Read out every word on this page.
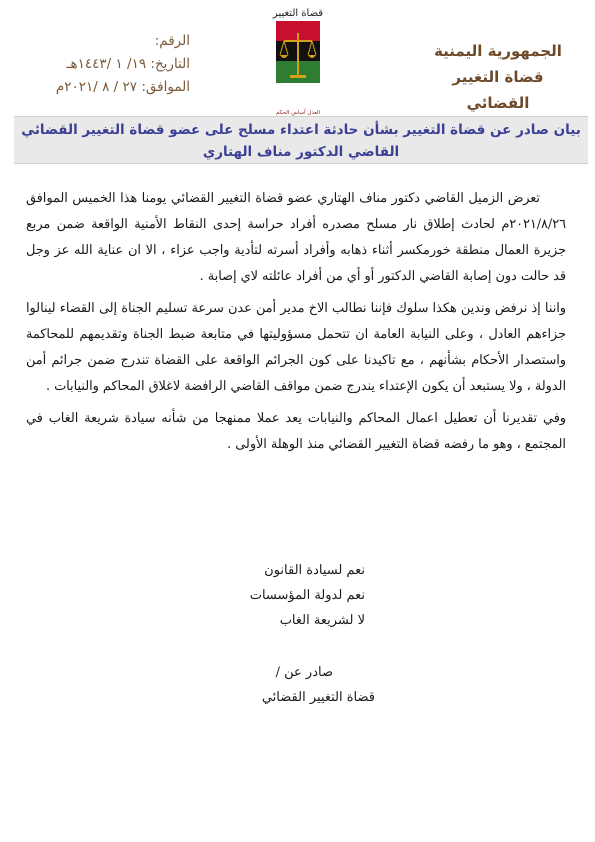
الرقم:
التاريخ: ١٩/ ١ /١٤٤٣هـ
الموافق: ٢٧ / ٨ /٢٠٢١م
قضاة التغيير
العدل أساس الحكم
الجمهورية اليمنية
قضاة التغيير القضائي
بيان صادر عن قضاة التغيير بشأن حادثة اعتداء مسلح على عضو قضاة التغيير القضائي
القاضي الدكتور مناف الهتاري

تعرض الزميل القاضي دكتور مناف الهتاري عضو قضاة التغيير القضائي يومنا هذا الخميس الموافق ٢٠٢١/٨/٢٦م لحادث إطلاق نار مسلح مصدره أفراد حراسة إحدى النقاط الأمنية الواقعة ضمن مربع جزيرة العمال منطقة خورمكسر أثناء ذهابه وأفراد أسرته لتأدية واجب عزاء ، الا ان عناية الله عز وجل قد حالت دون إصابة القاضي الدكتور أو أي من أفراد عائلته لاي إصابة .

واننا إذ نرفض وندين هكذا سلوك فإننا نطالب الاخ مدير أمن عدن سرعة تسليم الجناة إلى القضاء لينالوا جزاءهم العادل ، وعلى النيابة العامة ان تتحمل مسؤوليتها في متابعة ضبط الجناة وتقديمهم للمحاكمة واستصدار الأحكام بشأنهم ، مع تاكيدنا على كون الجرائم الواقعة على القضاة تندرج ضمن جرائم أمن الدولة ، ولا يستبعد أن يكون الإعتداء يندرج ضمن مواقف القاضي الرافضة لاغلاق المحاكم والنيابات .

وفي تقديرنا أن تعطيل اعمال المحاكم والنيابات يعد عملا ممنهجا من شأنه سيادة شريعة الغاب في المجتمع ، وهو ما رفضه قضاة التغيير القضائي منذ الوهلة الأولى .

نعم لسيادة القانون
نعم لدولة المؤسسات
لا لشريعة الغاب
صادر عن /
قضاة التغيير القضائي
